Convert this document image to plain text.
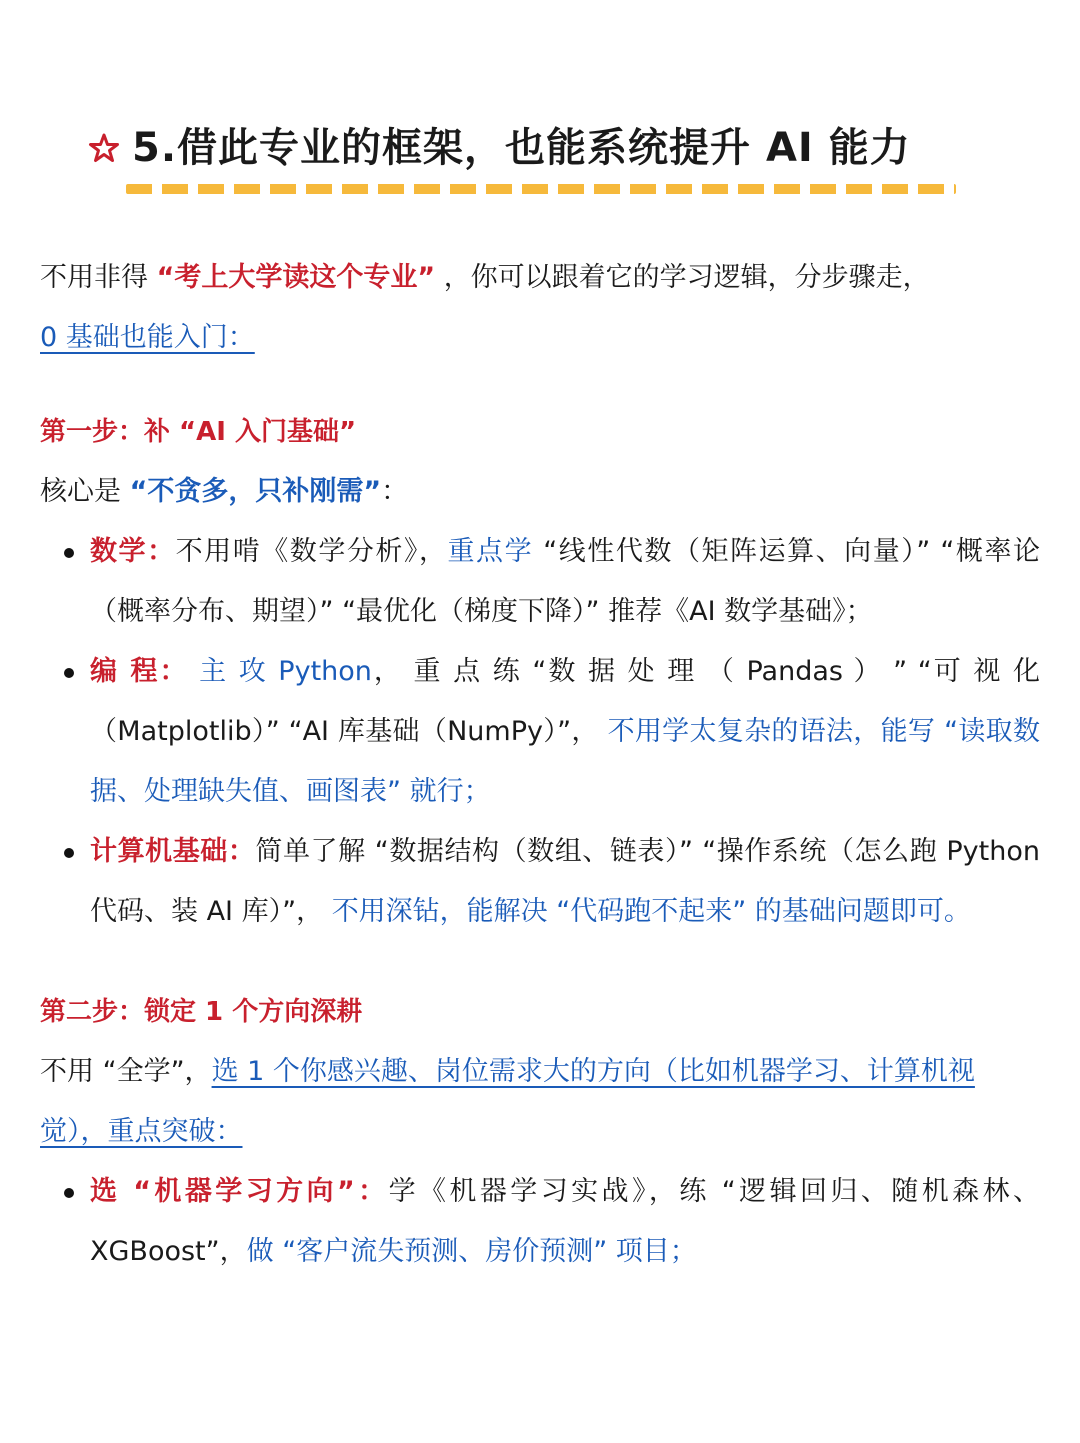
5.借此专业的框架，也能系统提升 AI 能力

不用非得 “考上大学读这个专业” ，你可以跟着它的学习逻辑，分步骤走，
0 基础也能入门：

第一步：补 “AI 入门基础”

核心是 “不贪多，只补刚需”：

数学：不用啃《数学分析》，重点学 “线性代数（矩阵运算、向量）” “概率论（概率分布、期望）” “最优化（梯度下降）” 推荐《AI 数学基础》；
编 程： 主 攻 Python， 重 点 练 “数 据 处 理 （ Pandas ） ” “可 视 化（Matplotlib）” “AI 库基础（NumPy）”， 不用学太复杂的语法，能写 “读取数据、处理缺失值、画图表” 就行；
计算机基础：简单了解 “数据结构（数组、链表）” “操作系统（怎么跑 Python 代码、装 AI 库）”， 不用深钻，能解决 “代码跑不起来” 的基础问题即可。

第二步：锁定 1 个方向深耕

不用 “全学”，选 1 个你感兴趣、岗位需求大的方向（比如机器学习、计算机视觉），重点突破：

选 “机器学习方向”：学《机器学习实战》，练 “逻辑回归、随机森林、XGBoost”，做 “客户流失预测、房价预测” 项目；
